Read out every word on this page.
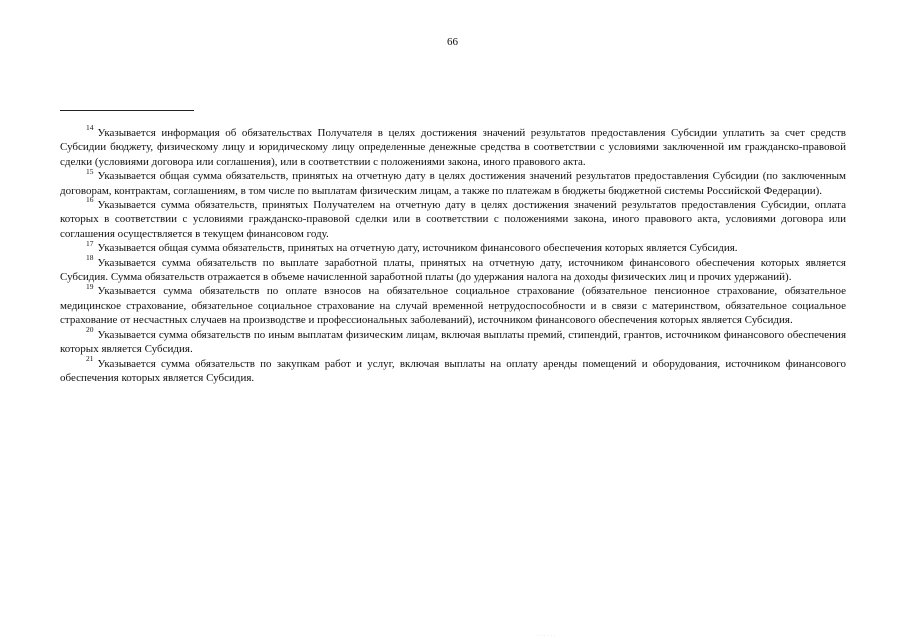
66

$^{14}$ Указывается информация об обязательствах Получателя в целях достижения значений результатов предоставления Субсидии уплатить за счет средств Субсидии бюджету, физическому лицу и юридическому лицу определенные денежные средства в соответствии с условиями заключенной им гражданско-правовой сделки (условиями договора или соглашения), или в соответствии с положениями закона, иного правового акта.

$^{15}$ Указывается общая сумма обязательств, принятых на отчетную дату в целях достижения значений результатов предоставления Субсидии (по заключенным договорам, контрактам, соглашениям, в том числе по выплатам физическим лицам, а также по платежам в бюджеты бюджетной системы Российской Федерации).

$^{16}$ Указывается сумма обязательств, принятых Получателем на отчетную дату в целях достижения значений результатов предоставления Субсидии, оплата которых в соответствии с условиями гражданско-правовой сделки или в соответствии с положениями закона, иного правового акта, условиями договора или соглашения осуществляется в текущем финансовом году.

$^{17}$ Указывается общая сумма обязательств, принятых на отчетную дату, источником финансового обеспечения которых является Субсидия.

$^{18}$ Указывается сумма обязательств по выплате заработной платы, принятых на отчетную дату, источником финансового обеспечения которых является Субсидия. Сумма обязательств отражается в объеме начисленной заработной платы (до удержания налога на доходы физических лиц и прочих удержаний).

$^{19}$ Указывается сумма обязательств по оплате взносов на обязательное социальное страхование (обязательное пенсионное страхование, обязательное медицинское страхование, обязательное социальное страхование на случай временной нетрудоспособности и в связи с материнством, обязательное социальное страхование от несчастных случаев на производстве и профессиональных заболеваний), источником финансового обеспечения которых является Субсидия.

$^{20}$ Указывается сумма обязательств по иным выплатам физическим лицам, включая выплаты премий, стипендий, грантов, источником финансового обеспечения которых является Субсидия.

$^{21}$ Указывается сумма обязательств по закупкам работ и услуг, включая выплаты на оплату аренды помещений и оборудования, источником финансового обеспечения которых является Субсидия.

· · · · · ·
